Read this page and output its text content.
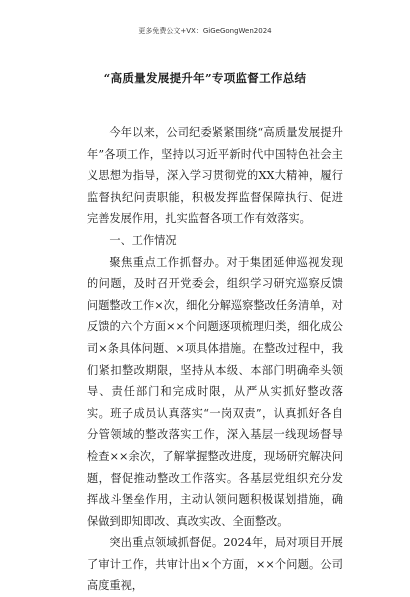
更多免费公文+VX：GiGeGongWen2024
“高质量发展提升年”专项监督工作总结

今年以来，公司纪委紧紧围绕“高质量发展提升年”各项工作，坚持以习近平新时代中国特色社会主义思想为指导，深入学习贯彻党的XX大精神，履行监督执纪问责职能，积极发挥监督保障执行、促进完善发展作用，扎实监督各项工作有效落实。

一、工作情况

聚焦重点工作抓督办。对于集团延伸巡视发现的问题，及时召开党委会，组织学习研究巡察反馈问题整改工作×次，细化分解巡察整改任务清单，对反馈的六个方面××个问题逐项梳理归类，细化成公司×条具体问题、×项具体措施。在整改过程中，我们紧扣整改期限，坚持从本级、本部门明确牵头领导、责任部门和完成时限，从严从实抓好整改落实。班子成员认真落实“一岗双责”，认真抓好各自分管领域的整改落实工作，深入基层一线现场督导检查××余次，了解掌握整改进度，现场研究解决问题，督促推动整改工作落实。各基层党组织充分发挥战斗堡垒作用，主动认领问题积极谋划措施，确保做到即知即改、真改实改、全面整改。

突出重点领域抓督促。2024年，局对项目开展了审计工作，共审计出×个方面，××个问题。公司高度重视，
